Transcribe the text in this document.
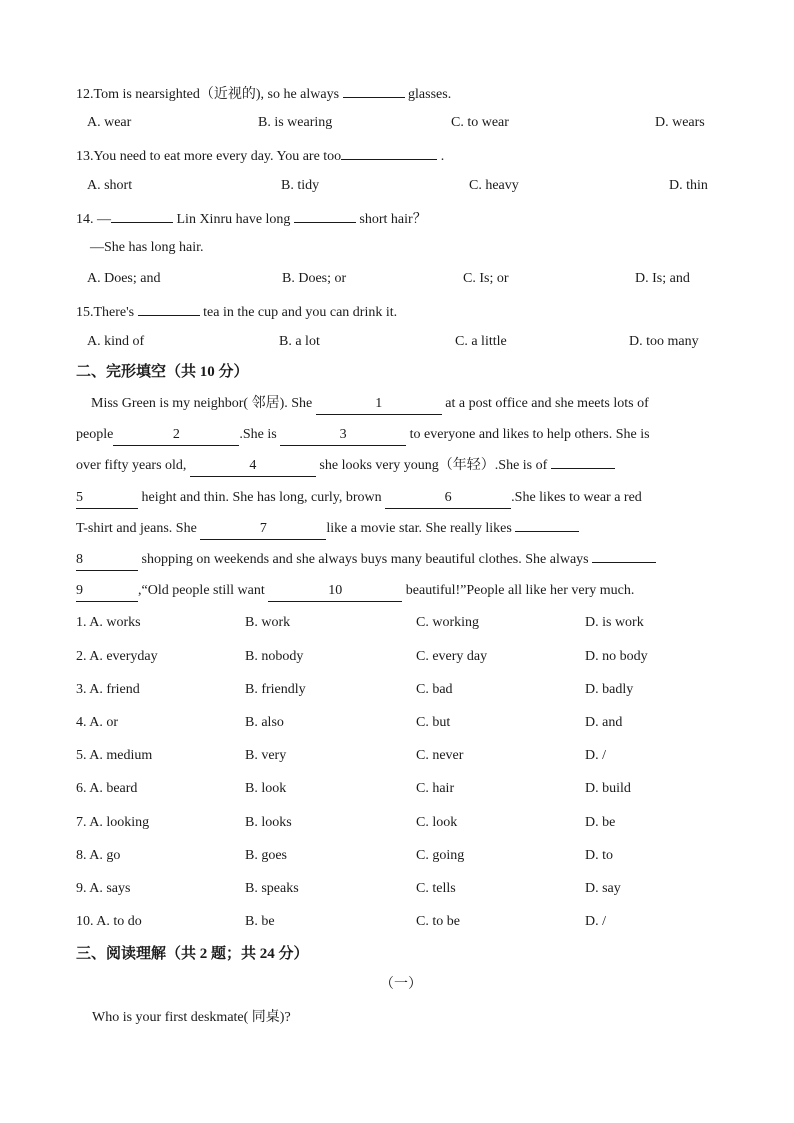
12.Tom is nearsighted（近视的), so he always	glasses.
A. wear	B. is wearing	C. to wear	D. wears
13.You need to eat more every day. You are too	.
A. short	B. tidy	C. heavy	D. thin
14. —	Lin Xinru have long	short hair？
—She has long hair.
A. Does; and	B. Does; or	C. Is; or	D. Is; and
15.There's	tea in the cup and you can drink it.
A. kind of	B. a lot	C. a little	D. too many
二、完形填空（共 10 分）
Miss Green is my neighbor( 邻居). She	1	at a post office and she meets lots of
people	2	.She is	3	to everyone and likes to help others. She is
over fifty years old,	4	she looks very young（年轻）.She is of
5	height and thin. She has long, curly, brown	6	.She likes to wear a red
T-shirt and jeans. She	7	like a movie star. She really likes
8	shopping on weekends and she always buys many beautiful clothes. She always
9	,“Old people still want	10	beautiful!”People all like her very much.
1. A. works	B. work	C. working	D. is work
2. A. everyday	B. nobody	C. every day	D. no body
3. A. friend	B. friendly	C. bad	D. badly
4. A. or	B. also	C. but	D. and
5. A. medium	B. very	C. never	D. /
6. A. beard	B. look	C. hair	D. build
7. A. looking	B. looks	C. look	D. be
8. A. go	B. goes	C. going	D. to
9. A. says	B. speaks	C. tells	D. say
10. A. to do	B. be	C. to be	D. /
三、阅读理解（共 2 题；共 24 分）
（一）
Who is your first deskmate( 同桌)?
